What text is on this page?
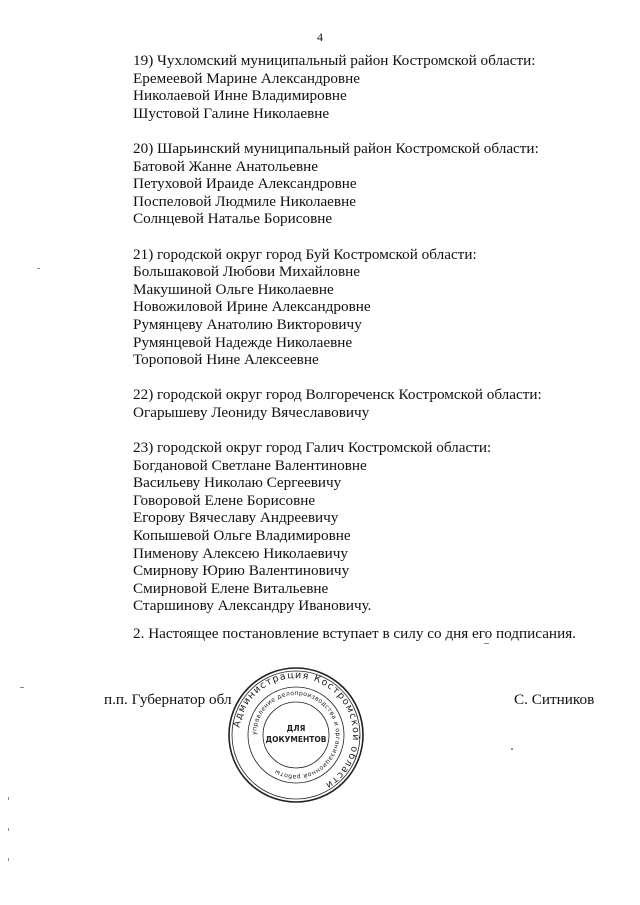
4
19) Чухломский муниципальный район Костромской области:
Еремеевой Марине Александровне
Николаевой Инне Владимировне
Шустовой Галине Николаевне
20) Шарьинский муниципальный район Костромской области:
Батовой Жанне Анатольевне
Петуховой Ираиде Александровне
Поспеловой Людмиле Николаевне
Солнцевой Наталье Борисовне
21) городской округ город Буй Костромской области:
Большаковой Любови Михайловне
Макушиной Ольге Николаевне
Новожиловой Ирине Александровне
Румянцеву Анатолию Викторовичу
Румянцевой Надежде Николаевне
Тороповой Нине Алексеевне
22) городской округ город Волгореченск Костромской области:
Огарышеву Леониду Вячеславовичу
23) городской округ город Галич Костромской области:
Богдановой Светлане Валентиновне
Васильеву Николаю Сергеевичу
Говоровой Елене Борисовне
Егорову Вячеславу Андреевичу
Копышевой Ольге Владимировне
Пименову Алексею Николаевичу
Смирнову Юрию Валентиновичу
Смирновой Елене Витальевне
Старшинову Александру Ивановичу.
2. Настоящее постановление вступает в силу со дня его подписания.
п.п. Губернатор обл	С. Ситников
Администрация Костромской области
управление делопроизводства и организационной работы
ДЛЯ
ДОКУМЕНТОВ
